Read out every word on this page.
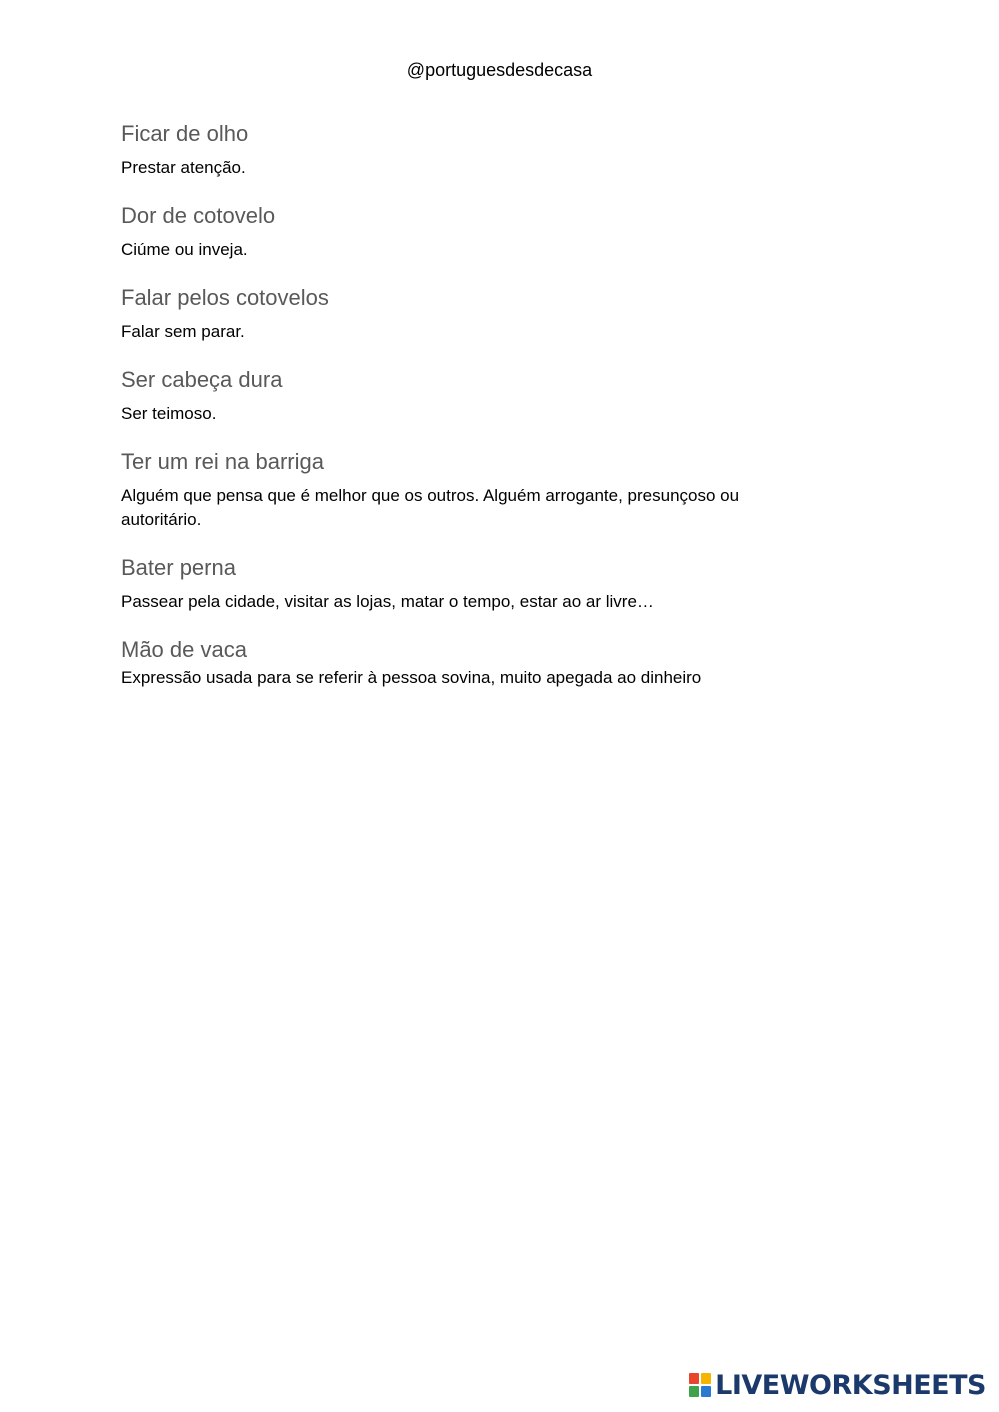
@portuguesdesdecasa

Ficar de olho

Prestar atenção.

Dor de cotovelo

Ciúme ou inveja.

Falar pelos cotovelos

Falar sem parar.

Ser cabeça dura

Ser teimoso.

Ter um rei na barriga

Alguém que pensa que é melhor que os outros. Alguém arrogante, presunçoso ou autoritário.

Bater perna

Passear pela cidade, visitar as lojas, matar o tempo, estar ao ar livre…

Mão de vaca

Expressão usada para se referir à pessoa sovina, muito apegada ao dinheiro

LIVEWORKSHEETS
